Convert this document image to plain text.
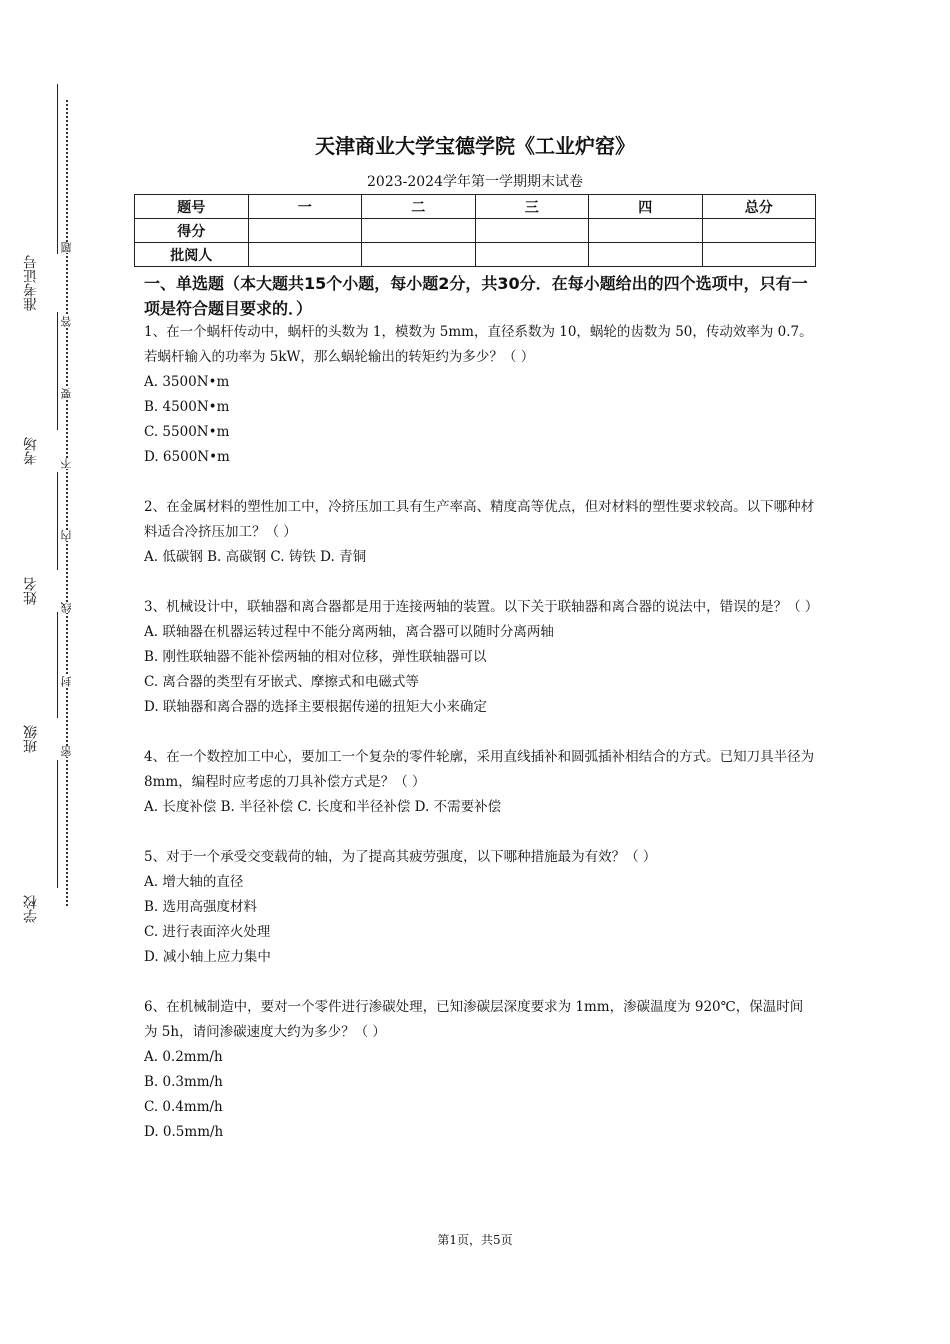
准考证号
考场
姓名
班级
学校
题
答
要
不
内
线
封
密
天津商业大学宝德学院《工业炉窑》
2023-2024学年第一学期期末试卷
题号	一	二	三	四	总分
得分					
批阅人					
一、单选题（本大题共15个小题，每小题2分，共30分．在每小题给出的四个选项中，只有一项是符合题目要求的．）
1、在一个蜗杆传动中，蜗杆的头数为 1，模数为 5mm，直径系数为 10，蜗轮的齿数为 50，传动效率为 0.7。若蜗杆输入的功率为 5kW，那么蜗轮输出的转矩约为多少？（ ）
A. 3500N•m
B. 4500N•m
C. 5500N•m
D. 6500N•m
2、在金属材料的塑性加工中，冷挤压加工具有生产率高、精度高等优点，但对材料的塑性要求较高。以下哪种材料适合冷挤压加工？（ ）
A. 低碳钢 B. 高碳钢 C. 铸铁 D. 青铜
3、机械设计中，联轴器和离合器都是用于连接两轴的装置。以下关于联轴器和离合器的说法中，错误的是？（ ）
A. 联轴器在机器运转过程中不能分离两轴，离合器可以随时分离两轴
B. 刚性联轴器不能补偿两轴的相对位移，弹性联轴器可以
C. 离合器的类型有牙嵌式、摩擦式和电磁式等
D. 联轴器和离合器的选择主要根据传递的扭矩大小来确定
4、在一个数控加工中心，要加工一个复杂的零件轮廓，采用直线插补和圆弧插补相结合的方式。已知刀具半径为 8mm，编程时应考虑的刀具补偿方式是？（ ）
A. 长度补偿 B. 半径补偿 C. 长度和半径补偿 D. 不需要补偿
5、对于一个承受交变载荷的轴，为了提高其疲劳强度，以下哪种措施最为有效？（ ）
A. 增大轴的直径
B. 选用高强度材料
C. 进行表面淬火处理
D. 减小轴上应力集中
6、在机械制造中，要对一个零件进行渗碳处理，已知渗碳层深度要求为 1mm，渗碳温度为 920℃，保温时间为 5h，请问渗碳速度大约为多少？（ ）
A. 0.2mm/h
B. 0.3mm/h
C. 0.4mm/h
D. 0.5mm/h
第1页，共5页
